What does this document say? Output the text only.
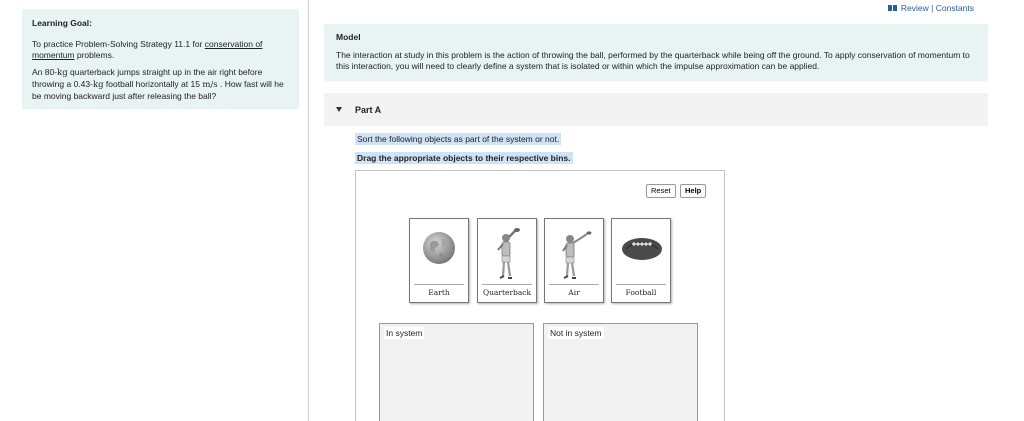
Learning Goal:

To practice Problem-Solving Strategy 11.1 for conservation of momentum problems.

An 80-kg quarterback jumps straight up in the air right before throwing a 0.43-kg football horizontally at 15 m/s . How fast will he be moving backward just after releasing the ball?

Review | Constants
Model
The interaction at study in this problem is the action of throwing the ball, performed by the quarterback while being off the ground. To apply conservation of momentum to this interaction, you will need to clearly define a system that is isolated or within which the impulse approximation can be applied.
Part A
Sort the following objects as part of the system or not.
Drag the appropriate objects to their respective bins.
Reset	Help
Earth	Quarterback	Air	Football
In system	Not in system
